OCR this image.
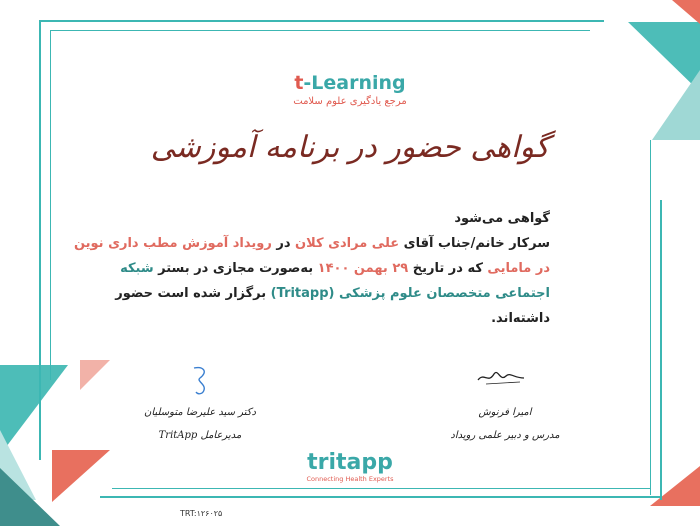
t-Learning
مرجع یادگیری علوم سلامت
گواهی حضور در برنامه آموزشی
گواهی می‌شود
سرکار خانم/جناب آقای علی مرادی کلان در رویداد آموزش مطب داری نوین در مامایی که در تاریخ ۲۹ بهمن ۱۴۰۰ به‌صورت مجازی در بستر شبکه اجتماعی متخصصان علوم پزشکی (Tritapp) برگزار شده است حضور داشته‌اند.
دکتر سید علیرضا متوسلیان
مدیرعامل TritApp
امیرا فرنوش
مدرس و دبیر علمی رویداد
tritapp
Connecting Health Experts
TRT:۱۲۶۰۲۵
